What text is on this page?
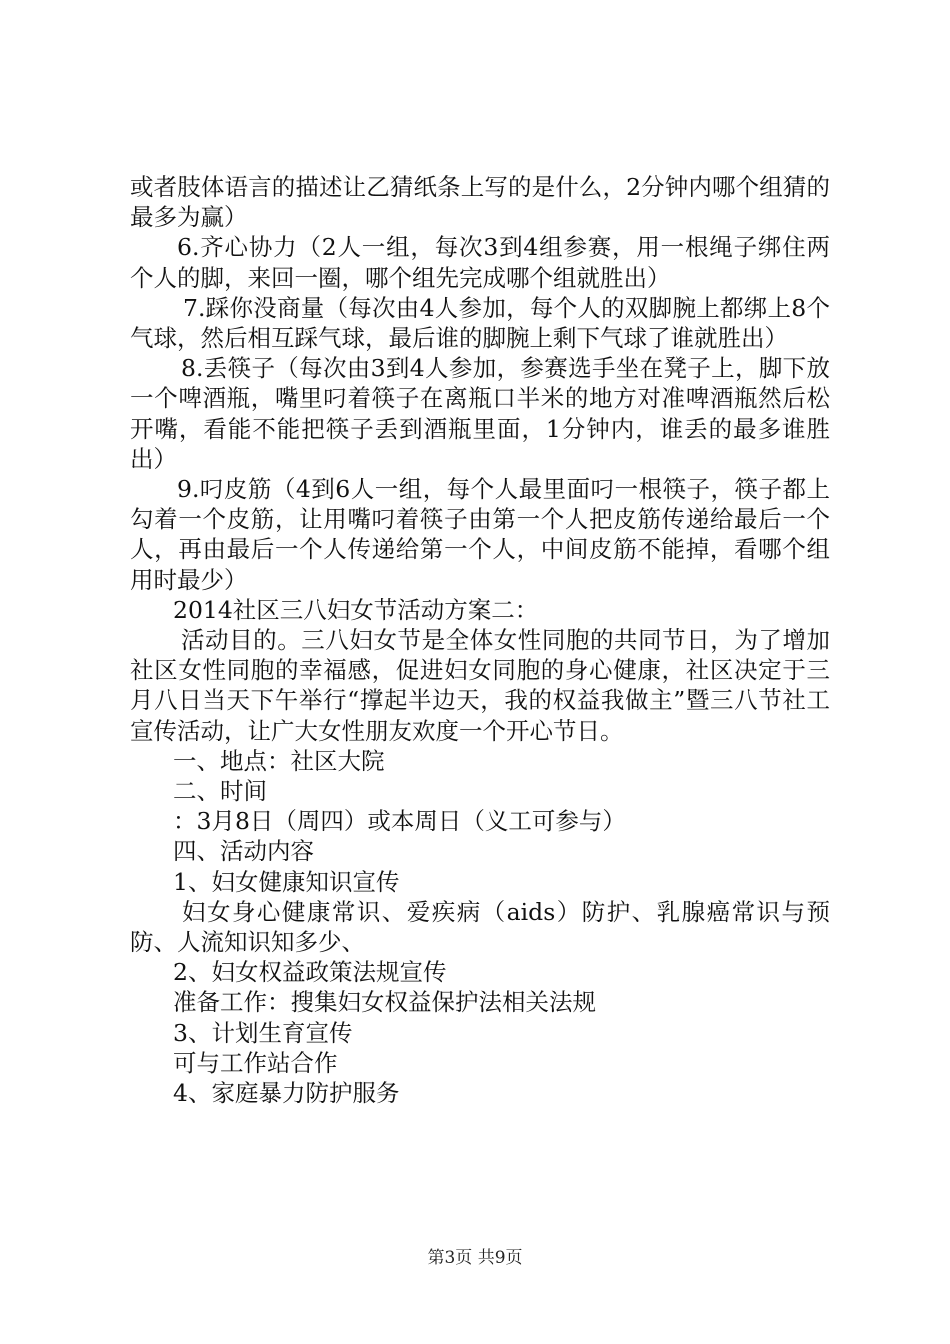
或者肢体语言的描述让乙猜纸条上写的是什么，2分钟内哪个组猜的最多为赢）

6.齐心协力（2人一组，每次3到4组参赛，用一根绳子绑住两个人的脚，来回一圈，哪个组先完成哪个组就胜出）

7.踩你没商量（每次由4人参加，每个人的双脚腕上都绑上8个气球，然后相互踩气球，最后谁的脚腕上剩下气球了谁就胜出）

8.丢筷子（每次由3到4人参加，参赛选手坐在凳子上，脚下放一个啤酒瓶，嘴里叼着筷子在离瓶口半米的地方对准啤酒瓶然后松开嘴，看能不能把筷子丢到酒瓶里面，1分钟内，谁丢的最多谁胜出）

9.叼皮筋（4到6人一组，每个人最里面叼一根筷子，筷子都上勾着一个皮筋，让用嘴叼着筷子由第一个人把皮筋传递给最后一个人，再由最后一个人传递给第一个人，中间皮筋不能掉，看哪个组用时最少）

2014社区三八妇女节活动方案二：

活动目的。三八妇女节是全体女性同胞的共同节日，为了增加社区女性同胞的幸福感，促进妇女同胞的身心健康，社区决定于三月八日当天下午举行“撑起半边天，我的权益我做主”暨三八节社工宣传活动，让广大女性朋友欢度一个开心节日。

一、地点：社区大院

二、时间

：3月8日（周四）或本周日（义工可参与）

四、活动内容

1、妇女健康知识宣传

妇女身心健康常识、爱疾病（aids）防护、乳腺癌常识与预防、人流知识知多少、

2、妇女权益政策法规宣传

准备工作：搜集妇女权益保护法相关法规

3、计划生育宣传

可与工作站合作

4、家庭暴力防护服务

第3页 共9页
